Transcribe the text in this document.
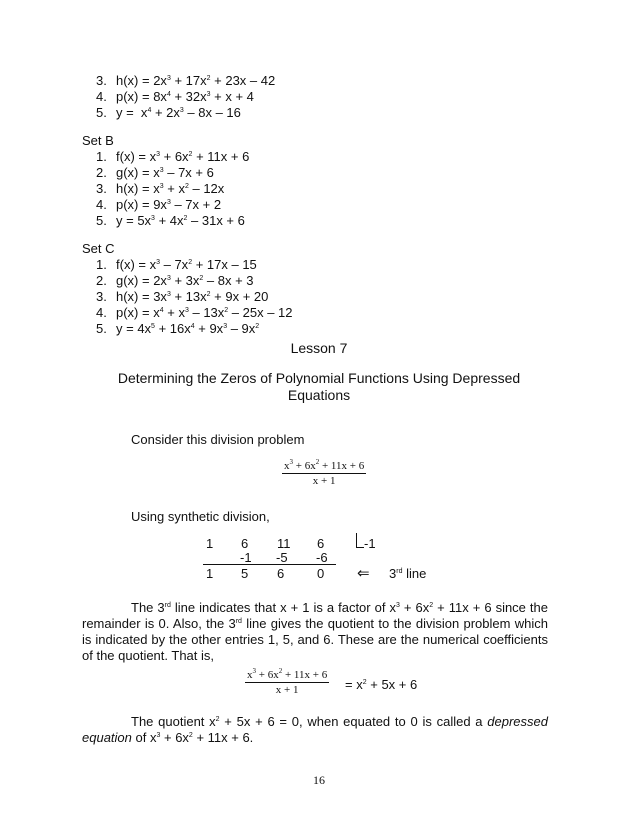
3. $h(x) = 2x^3 + 17x^2 + 23x - 42$
4. $p(x) = 8x^4 + 32x^3 + x + 4$
5. $y = x^4 + 2x^3 - 8x - 16$
Set B
1. $f(x) = x^3 + 6x^2 + 11x + 6$
2. $g(x) = x^3 - 7x + 6$
3. $h(x) = x^3 + x^2 - 12x$
4. $p(x) = 9x^3 - 7x + 2$
5. $y = 5x^3 + 4x^2 - 31x + 6$
Set C
1. $f(x) = x^3 - 7x^2 + 17x - 15$
2. $g(x) = 2x^3 + 3x^2 - 8x + 3$
3. $h(x) = 3x^3 + 13x^2 + 9x + 20$
4. $p(x) = x^4 + x^3 - 13x^2 - 25x - 12$
5. $y = 4x^5 + 16x^4 + 9x^3 - 9x^2$
Lesson 7
Determining the Zeros of Polynomial Functions Using Depressed
Equations
Consider this division problem
$\frac{x^3 + 6x^2 + 11x + 6}{x + 1}$
Using synthetic division,
1 6 11 6	-1
-1 -5 -6
1 5 6	0 ⇐ 3rd line
The 3rd line indicates that x + 1 is a factor of $x^3 + 6x^2 + 11x + 6$ since the
remainder is 0. Also, the 3rd line gives the quotient to the division problem which
is indicated by the other entries 1, 5, and 6. These are the numerical coefficients
of the quotient. That is,
$\frac{x^3 + 6x^2 + 11x + 6}{x + 1} = x^2 + 5x + 6$
The quotient $x^2 + 5x + 6 = 0$, when equated to 0 is called a depressed
equation of $x^3 + 6x^2 + 11x + 6$.
16
